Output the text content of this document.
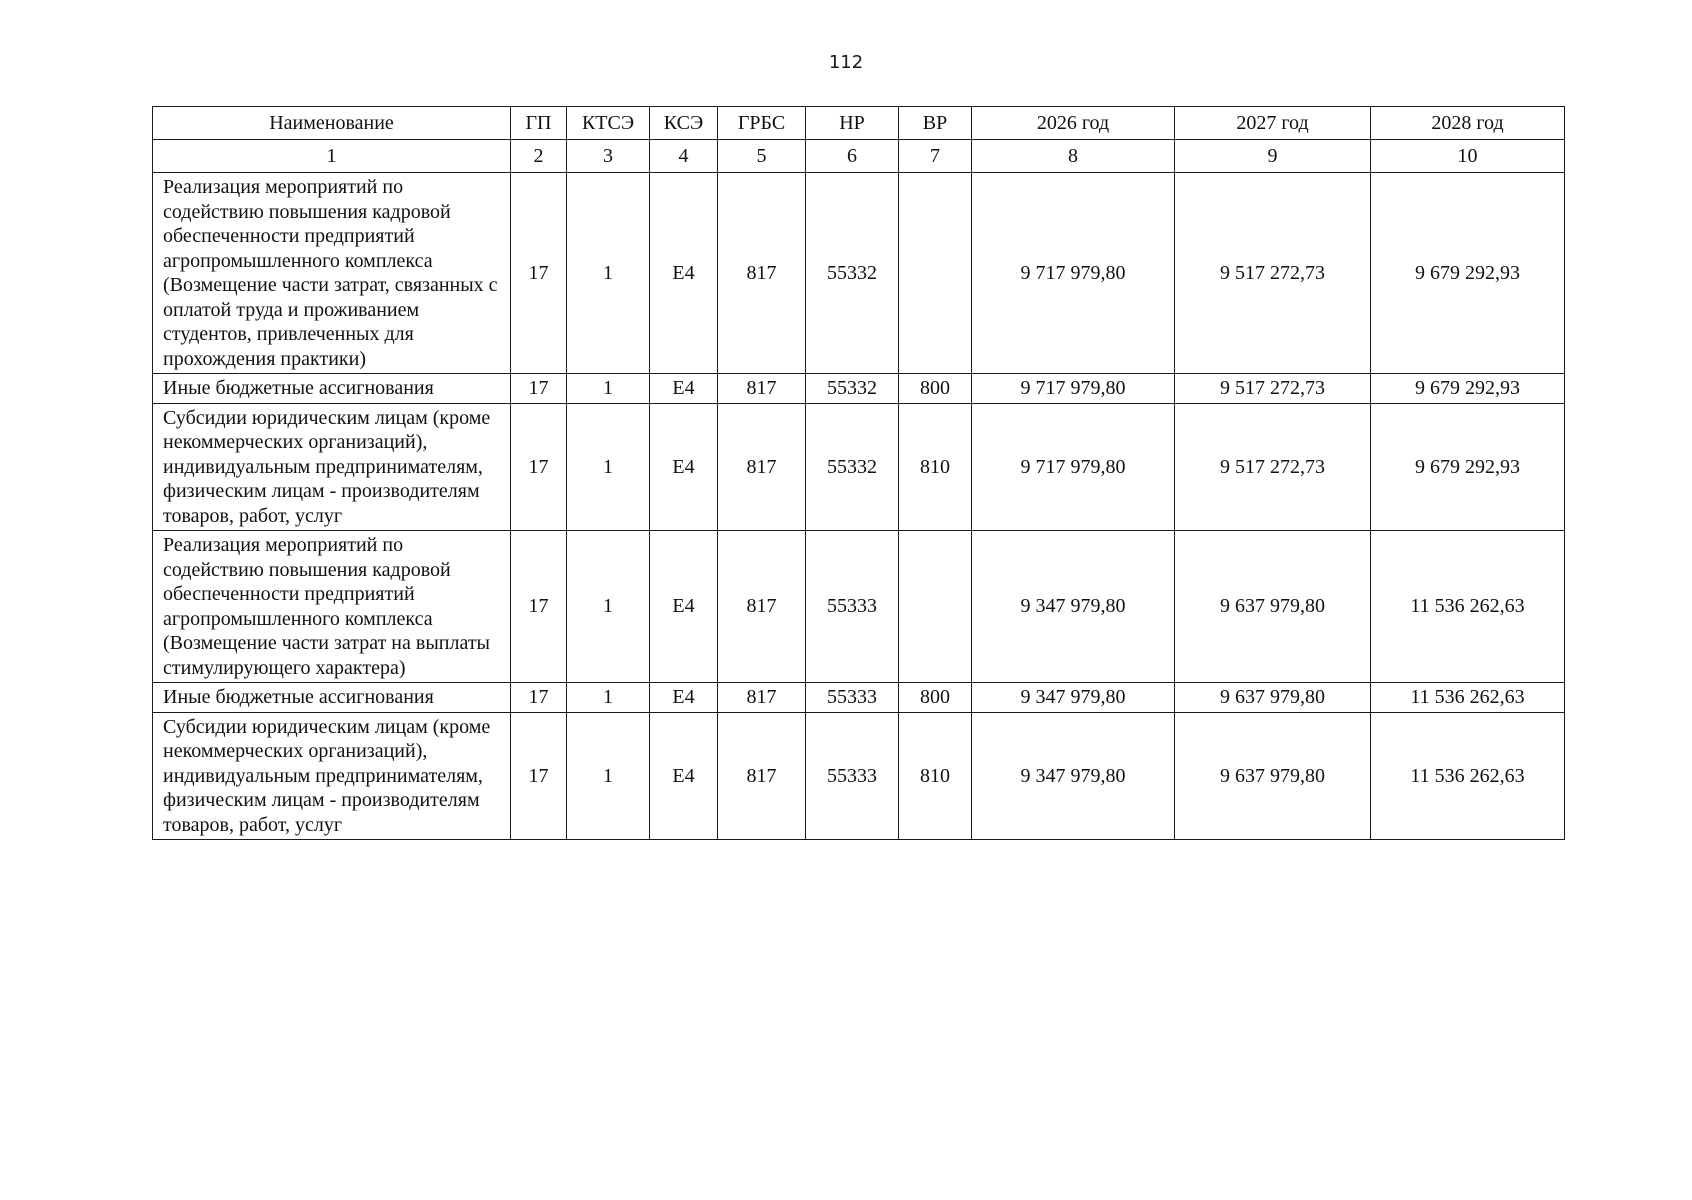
112
Наименование	ГП	КТСЭ	КСЭ	ГРБС	НР	ВР	2026 год	2027 год	2028 год
1	2	3	4	5	6	7	8	9	10
Реализация мероприятий по содействию повышения кадровой обеспеченности предприятий агропромышленного комплекса (Возмещение части затрат, связанных с оплатой труда и проживанием студентов, привлеченных для прохождения практики)	17	1	Е4	817	55332		9 717 979,80	9 517 272,73	9 679 292,93
Иные бюджетные ассигнования	17	1	Е4	817	55332	800	9 717 979,80	9 517 272,73	9 679 292,93
Субсидии юридическим лицам (кроме некоммерческих организаций), индивидуальным предпринимателям, физическим лицам - производителям товаров, работ, услуг	17	1	Е4	817	55332	810	9 717 979,80	9 517 272,73	9 679 292,93
Реализация мероприятий по содействию повышения кадровой обеспеченности предприятий агропромышленного комплекса (Возмещение части затрат на выплаты стимулирующего характера)	17	1	Е4	817	55333		9 347 979,80	9 637 979,80	11 536 262,63
Иные бюджетные ассигнования	17	1	Е4	817	55333	800	9 347 979,80	9 637 979,80	11 536 262,63
Субсидии юридическим лицам (кроме некоммерческих организаций), индивидуальным предпринимателям, физическим лицам - производителям товаров, работ, услуг	17	1	Е4	817	55333	810	9 347 979,80	9 637 979,80	11 536 262,63
